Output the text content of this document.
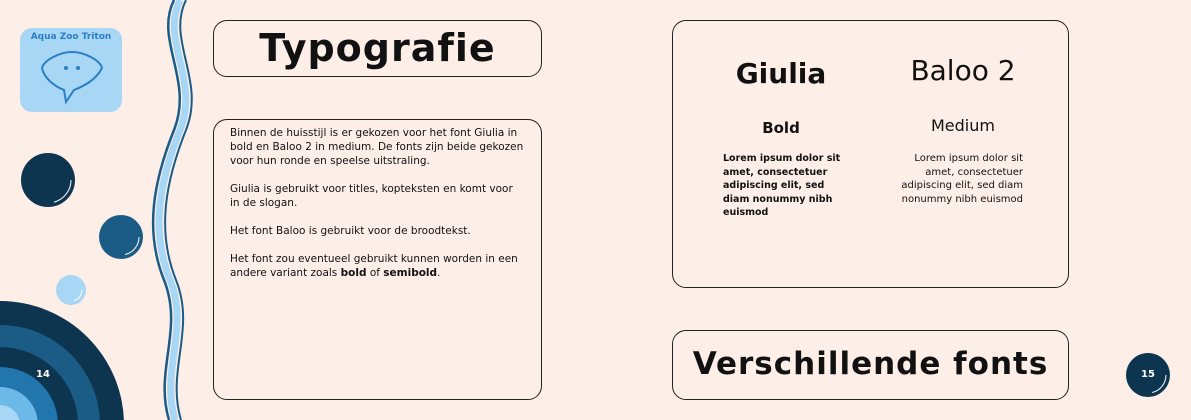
Aqua Zoo Triton
14
Typografie

Binnen de huisstijl is er gekozen voor het font Giulia in bold en Baloo 2 in medium. De fonts zijn beide gekozen voor hun ronde en speelse uitstraling.

Giulia is gebruikt voor titles, kopteksten en komt voor in de slogan.

Het font Baloo is gebruikt voor de broodtekst.

Het font zou eventueel gebruikt kunnen worden in een andere variant zoals bold of semibold.

Giulia
Bold
Lorem ipsum dolor sit amet, consectetuer adipiscing elit, sed diam nonummy nibh euismod
Baloo 2
Medium
Lorem ipsum dolor sit amet, consectetuer adipiscing elit, sed diam nonummy nibh euismod
Verschillende fonts	15
